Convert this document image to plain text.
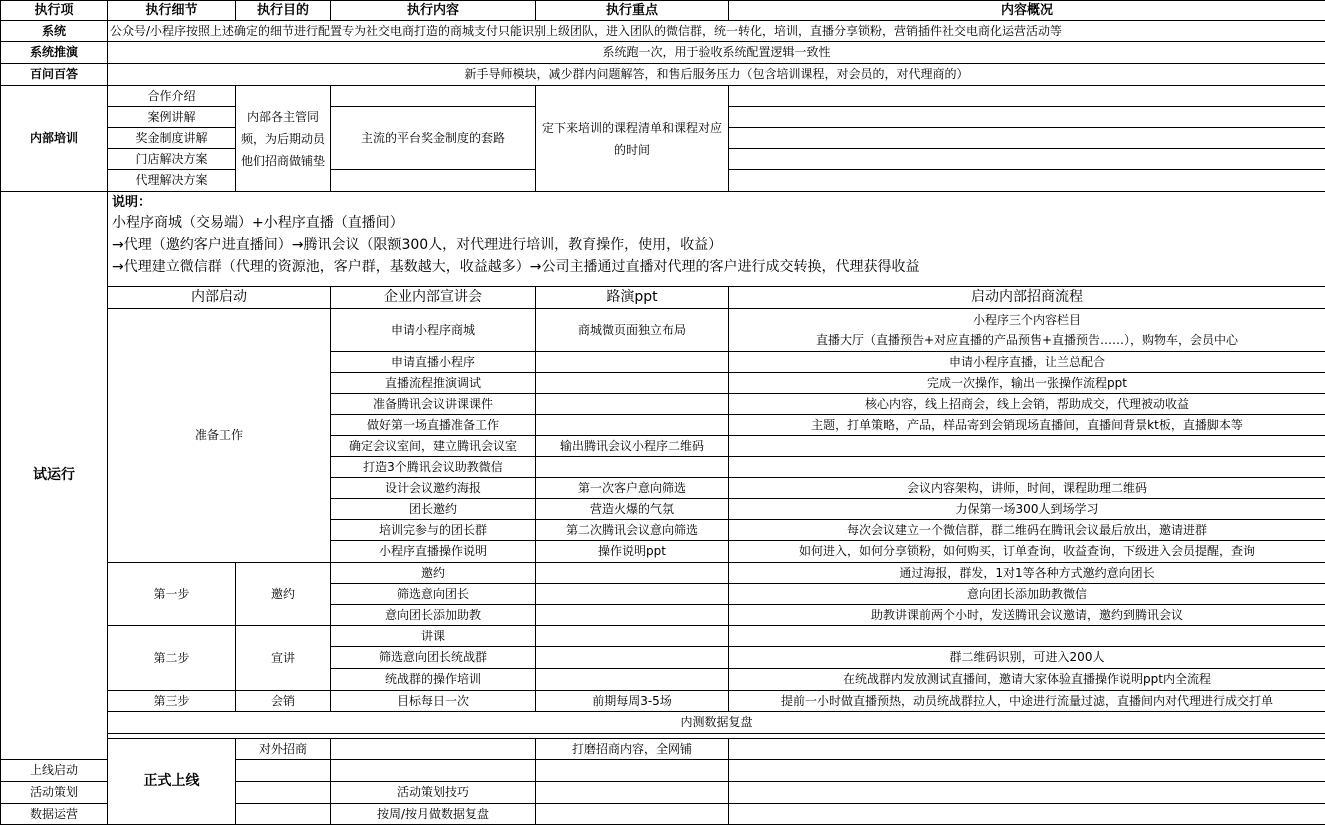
执行项	执行细节	执行目的	执行内容	执行重点	内容概况	
系统	公众号/小程序按照上述确定的细节进行配置专为社交电商打造的商城支付只能识别上级团队，进入团队的微信群，统一转化，培训，直播分享锁粉，营销插件社交电商化运营活动等					
系统推演	系统跑一次，用于验收系统配置逻辑一致性					
百问百答	新手导师模块，减少群内问题解答，和售后服务压力（包含培训课程，对会员的，对代理商的）					
内部培训	合作介绍	内部各主管同频，为后期动员他们招商做铺垫		定下来培训的课程清单和课程对应的时间		
	案例讲解		主流的平台奖金制度的套路			
	奖金制度讲解					
	门店解决方案					
	代理解决方案					
试运行	说明：
小程序商城（交易端）+小程序直播（直播间）
→代理（邀约客户进直播间）→腾讯会议（限额300人，对代理进行培训，教育操作，使用，收益）
→代理建立微信群（代理的资源池，客户群，基数越大，收益越多）→公司主播通过直播对代理的客户进行成交转换，代理获得收益					

	内部启动		企业内部宣讲会	路演ppt	启动内部招商流程	
	准备工作		申请小程序商城	商城微页面独立布局	小程序三个内容栏目
直播大厅（直播预告+对应直播的产品预售+直播预告……），购物车，会员中心	

			申请直播小程序		申请小程序直播，让兰总配合	
			直播流程推演调试		完成一次操作，输出一张操作流程ppt	
			准备腾讯会议讲课课件		核心内容，线上招商会，线上会销，帮助成交，代理被动收益	
			做好第一场直播准备工作		主题，打单策略，产品，样品寄到会销现场直播间，直播间背景kt板，直播脚本等	
			确定会议室间，建立腾讯会议室	输出腾讯会议小程序二维码		
			打造3个腾讯会议助教微信			
			设计会议邀约海报	第一次客户意向筛选	会议内容架构，讲师，时间，课程助理二维码	
			团长邀约	营造火爆的气氛	力保第一场300人到场学习	
			培训完参与的团长群	第二次腾讯会议意向筛选	每次会议建立一个微信群，群二维码在腾讯会议最后放出，邀请进群	
			小程序直播操作说明	操作说明ppt	如何进入，如何分享锁粉，如何购买，订单查询，收益查询，下级进入会员提醒，查询	
	第一步	邀约	邀约		通过海报，群发，1对1等各种方式邀约意向团长	
			筛选意向团长		意向团长添加助教微信	
			意向团长添加助教		助教讲课前两个小时，发送腾讯会议邀请，邀约到腾讯会议	
	第二步	宣讲	讲课			
			筛选意向团长统战群		群二维码识别，可进入200人	
			统战群的操作培训		在统战群内发放测试直播间，邀请大家体验直播操作说明ppt内全流程	
	第三步	会销	目标每日一次	前期每周3-5场	提前一小时做直播预热，动员统战群拉人，中途进行流量过滤，直播间内对代理进行成交打单	
	内测数据复盘					

	正式上线	对外招商		打磨招商内容，全网铺		
上线启动						
活动策划			活动策划技巧			
数据运营			按周/按月做数据复盘			
